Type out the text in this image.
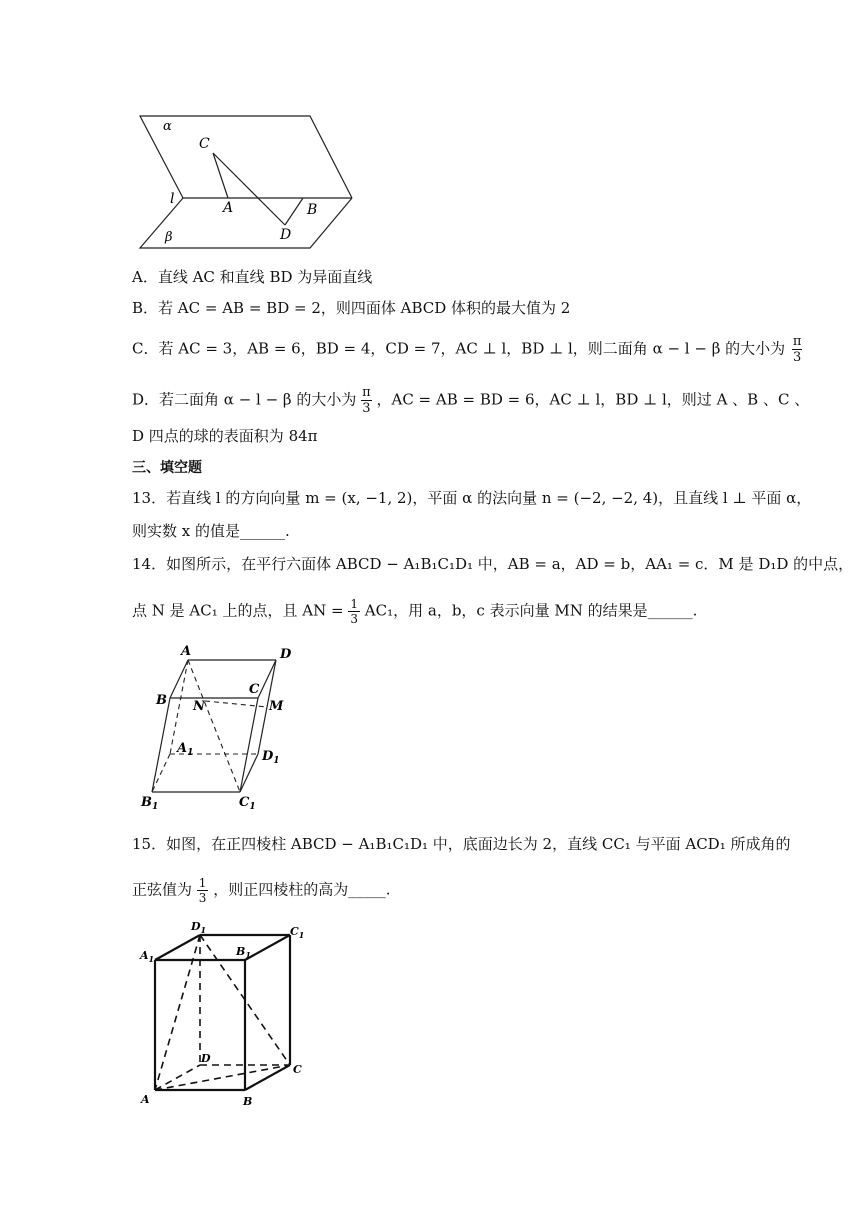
α
l
β
C
A	B
D
A．直线 AC 和直线 BD 为异面直线
B．若 AC = AB = BD = 2，则四面体 ABCD 体积的最大值为 2
C．若 AC = 3，AB = 6，BD = 4，CD = 7，AC ⊥ l，BD ⊥ l，则二面角 α − l − β 的大小为 $\frac{\pi}{3}$
D．若二面角 α − l − β 的大小为 $\frac{\pi}{3}$ ，AC = AB = BD = 6，AC ⊥ l，BD ⊥ l，则过 A 、B 、C 、
D 四点的球的表面积为 84π
三、填空题
13．若直线 l 的方向向量 m = (x, −1, 2)，平面 α 的法向量 n = (−2, −2, 4)，且直线 l ⊥ 平面 α，
则实数 x 的值是______.
14．如图所示，在平行六面体 ABCD − A₁B₁C₁D₁ 中，AB = a，AD = b，AA₁ = c．M 是 D₁D 的中点，
点 N 是 AC₁ 上的点，且 AN = $\frac{1}{3} AC_1$，用 a，b，c 表示向量 MN 的结果是______.
A	D
B
C
N	M
$A_1$	$D_1$
$B_1$	$C_1$
15．如图，在正四棱柱 ABCD − A₁B₁C₁D₁ 中，底面边长为 2，直线 CC₁ 与平面 ACD₁ 所成角的
正弦值为 $\frac{1}{3}$ ，则正四棱柱的高为_____.
$D_1$	$C_1$
$A_1$
$B_1$
D
C
A	B
